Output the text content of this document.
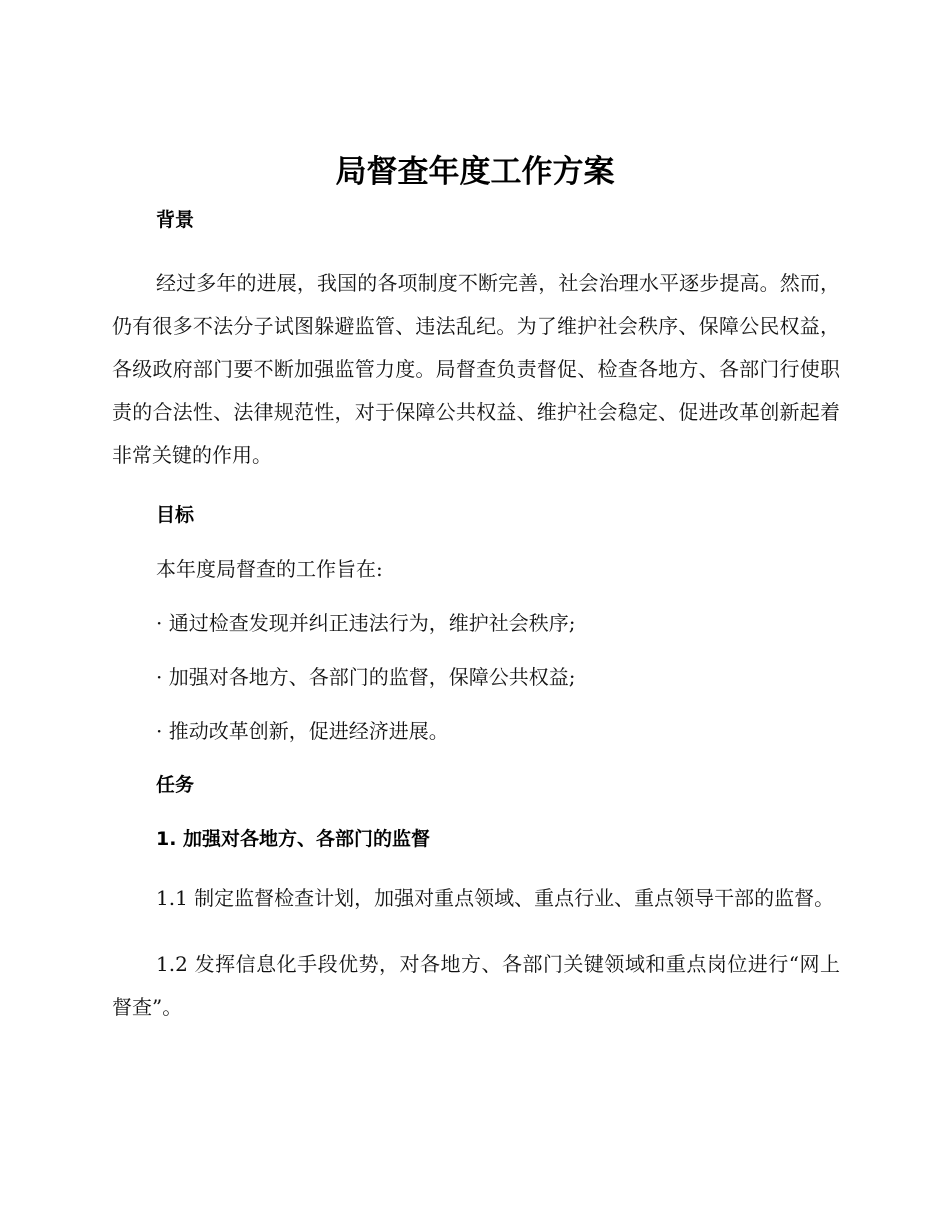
局督查年度工作方案

背景

经过多年的进展，我国的各项制度不断完善，社会治理水平逐步提高。然而，仍有很多不法分子试图躲避监管、违法乱纪。为了维护社会秩序、保障公民权益，各级政府部门要不断加强监管力度。局督查负责督促、检查各地方、各部门行使职责的合法性、法律规范性，对于保障公共权益、维护社会稳定、促进改革创新起着非常关键的作用。

目标

本年度局督查的工作旨在:

· 通过检查发现并纠正违法行为，维护社会秩序;

· 加强对各地方、各部门的监督，保障公共权益;

· 推动改革创新，促进经济进展。

任务

1. 加强对各地方、各部门的监督

1.1 制定监督检查计划，加强对重点领域、重点行业、重点领导干部的监督。

1.2 发挥信息化手段优势，对各地方、各部门关键领域和重点岗位进行“网上督查”。
